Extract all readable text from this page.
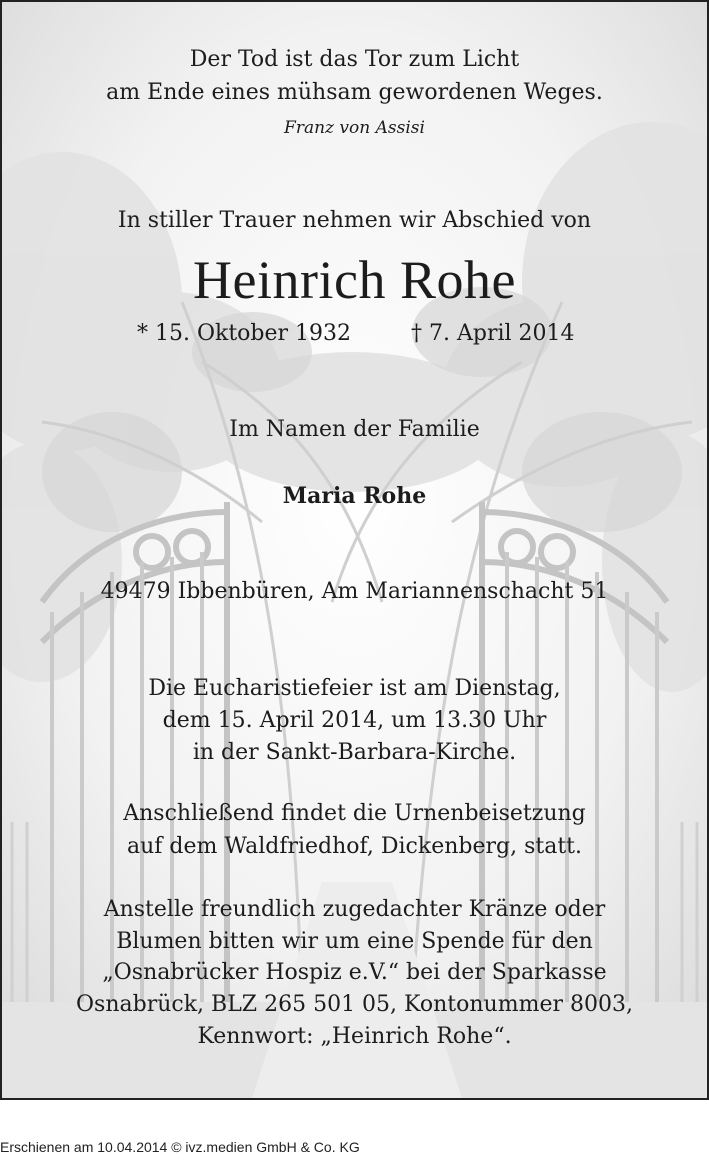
Der Tod ist das Tor zum Licht
am Ende eines mühsam gewordenen Weges.
Franz von Assisi
In stiller Trauer nehmen wir Abschied von
Heinrich Rohe
* 15. Oktober 1932	† 7. April 2014
Im Namen der Familie
Maria Rohe
49479 Ibbenbüren, Am Mariannenschacht 51
Die Eucharistiefeier ist am Dienstag,
dem 15. April 2014, um 13.30 Uhr
in der Sankt-Barbara-Kirche.
Anschließend findet die Urnenbeisetzung
auf dem Waldfriedhof, Dickenberg, statt.
Anstelle freundlich zugedachter Kränze oder
Blumen bitten wir um eine Spende für den
„Osnabrücker Hospiz e.V.“ bei der Sparkasse
Osnabrück, BLZ 265 501 05, Kontonummer 8003,
Kennwort: „Heinrich Rohe“.
Erschienen am 10.04.2014 © ivz.medien GmbH & Co. KG
